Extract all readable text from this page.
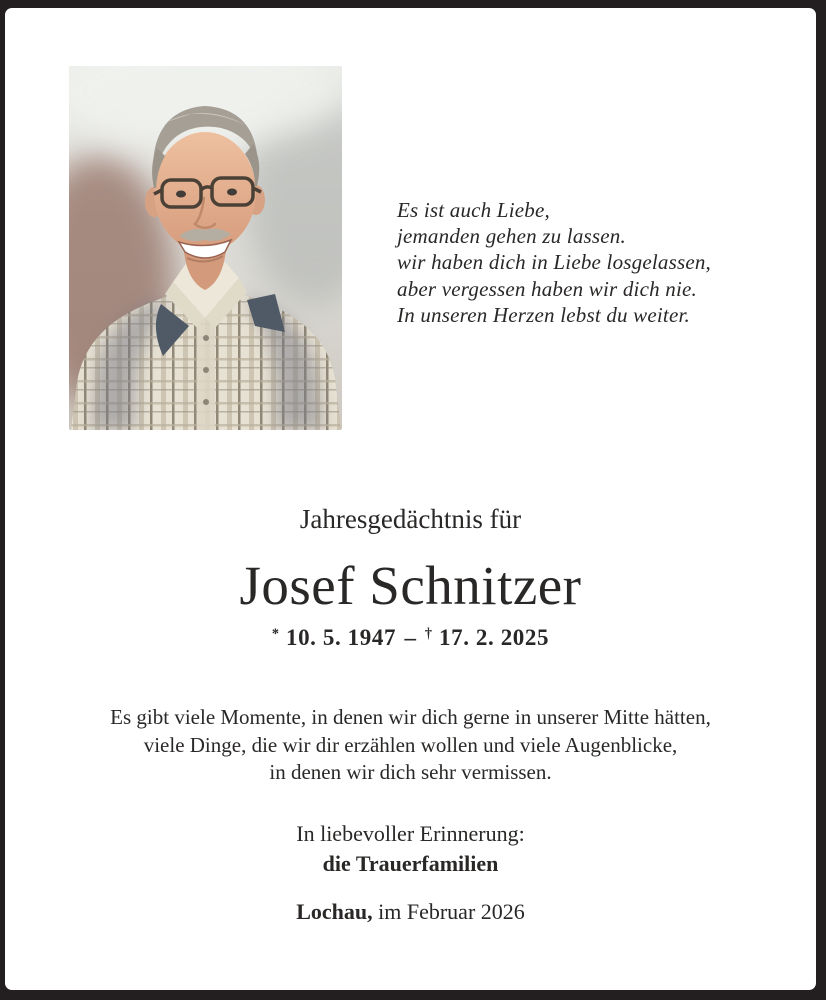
Es ist auch Liebe,
jemanden gehen zu lassen.
wir haben dich in Liebe losgelassen,
aber vergessen haben wir dich nie.
In unseren Herzen lebst du weiter.
Jahresgedächtnis für
Josef Schnitzer
* 10. 5. 1947 – † 17. 2. 2025
Es gibt viele Momente, in denen wir dich gerne in unserer Mitte hätten,
viele Dinge, die wir dir erzählen wollen und viele Augenblicke,
in denen wir dich sehr vermissen.
In liebevoller Erinnerung:
die Trauerfamilien
Lochau, im Februar 2026
